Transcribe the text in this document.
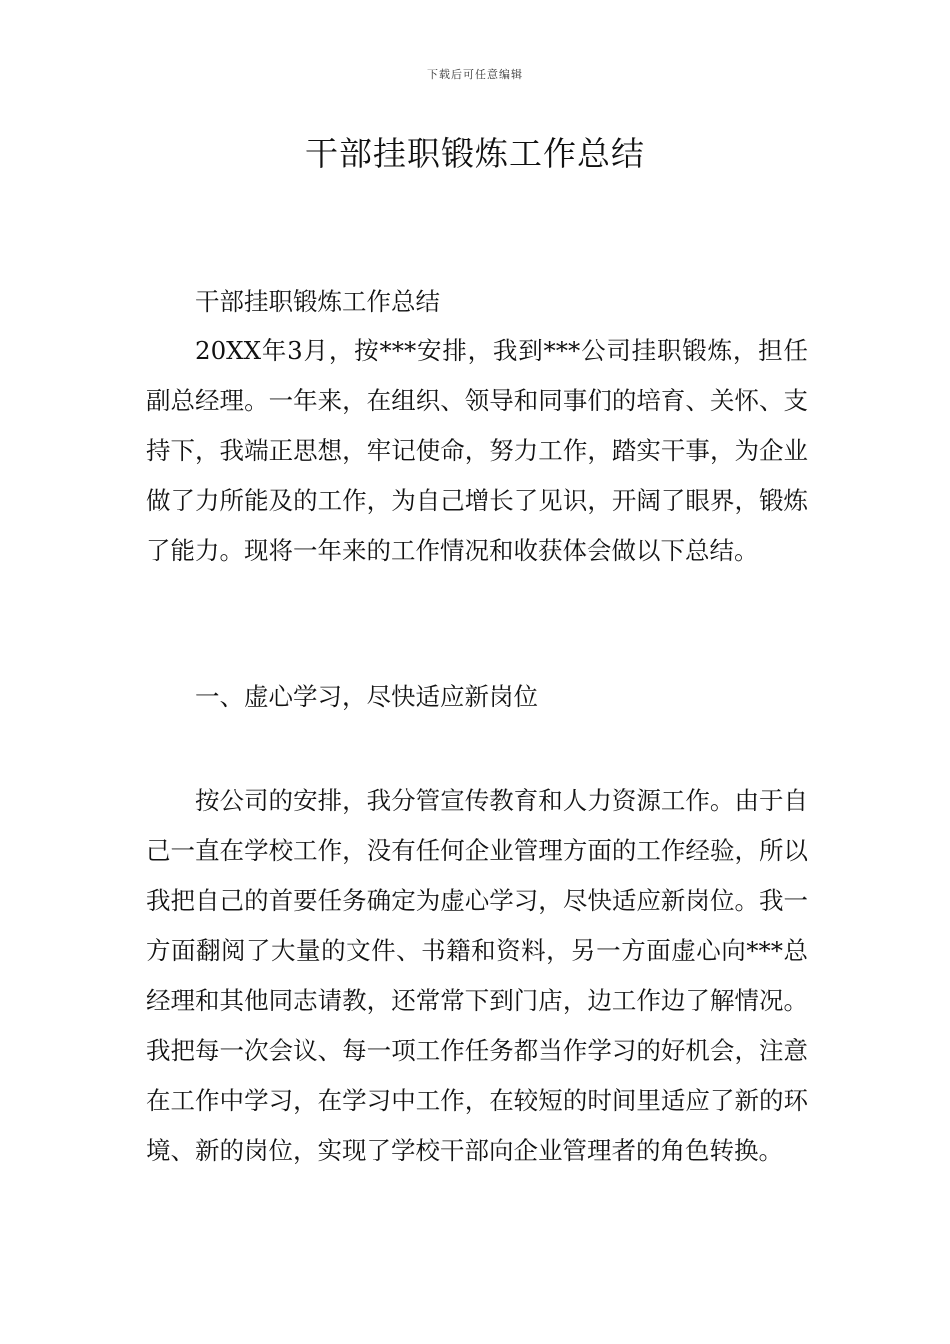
下载后可任意编辑
干部挂职锻炼工作总结

干部挂职锻炼工作总结

20XX年3月，按***安排，我到***公司挂职锻炼，担任副总经理。一年来，在组织、领导和同事们的培育、关怀、支持下，我端正思想，牢记使命，努力工作，踏实干事，为企业做了力所能及的工作，为自己增长了见识，开阔了眼界，锻炼了能力。现将一年来的工作情况和收获体会做以下总结。

一、虚心学习，尽快适应新岗位

按公司的安排，我分管宣传教育和人力资源工作。由于自己一直在学校工作，没有任何企业管理方面的工作经验，所以我把自己的首要任务确定为虚心学习，尽快适应新岗位。我一方面翻阅了大量的文件、书籍和资料，另一方面虚心向***总经理和其他同志请教，还常常下到门店，边工作边了解情况。我把每一次会议、每一项工作任务都当作学习的好机会，注意在工作中学习，在学习中工作，在较短的时间里适应了新的环境、新的岗位，实现了学校干部向企业管理者的角色转换。
